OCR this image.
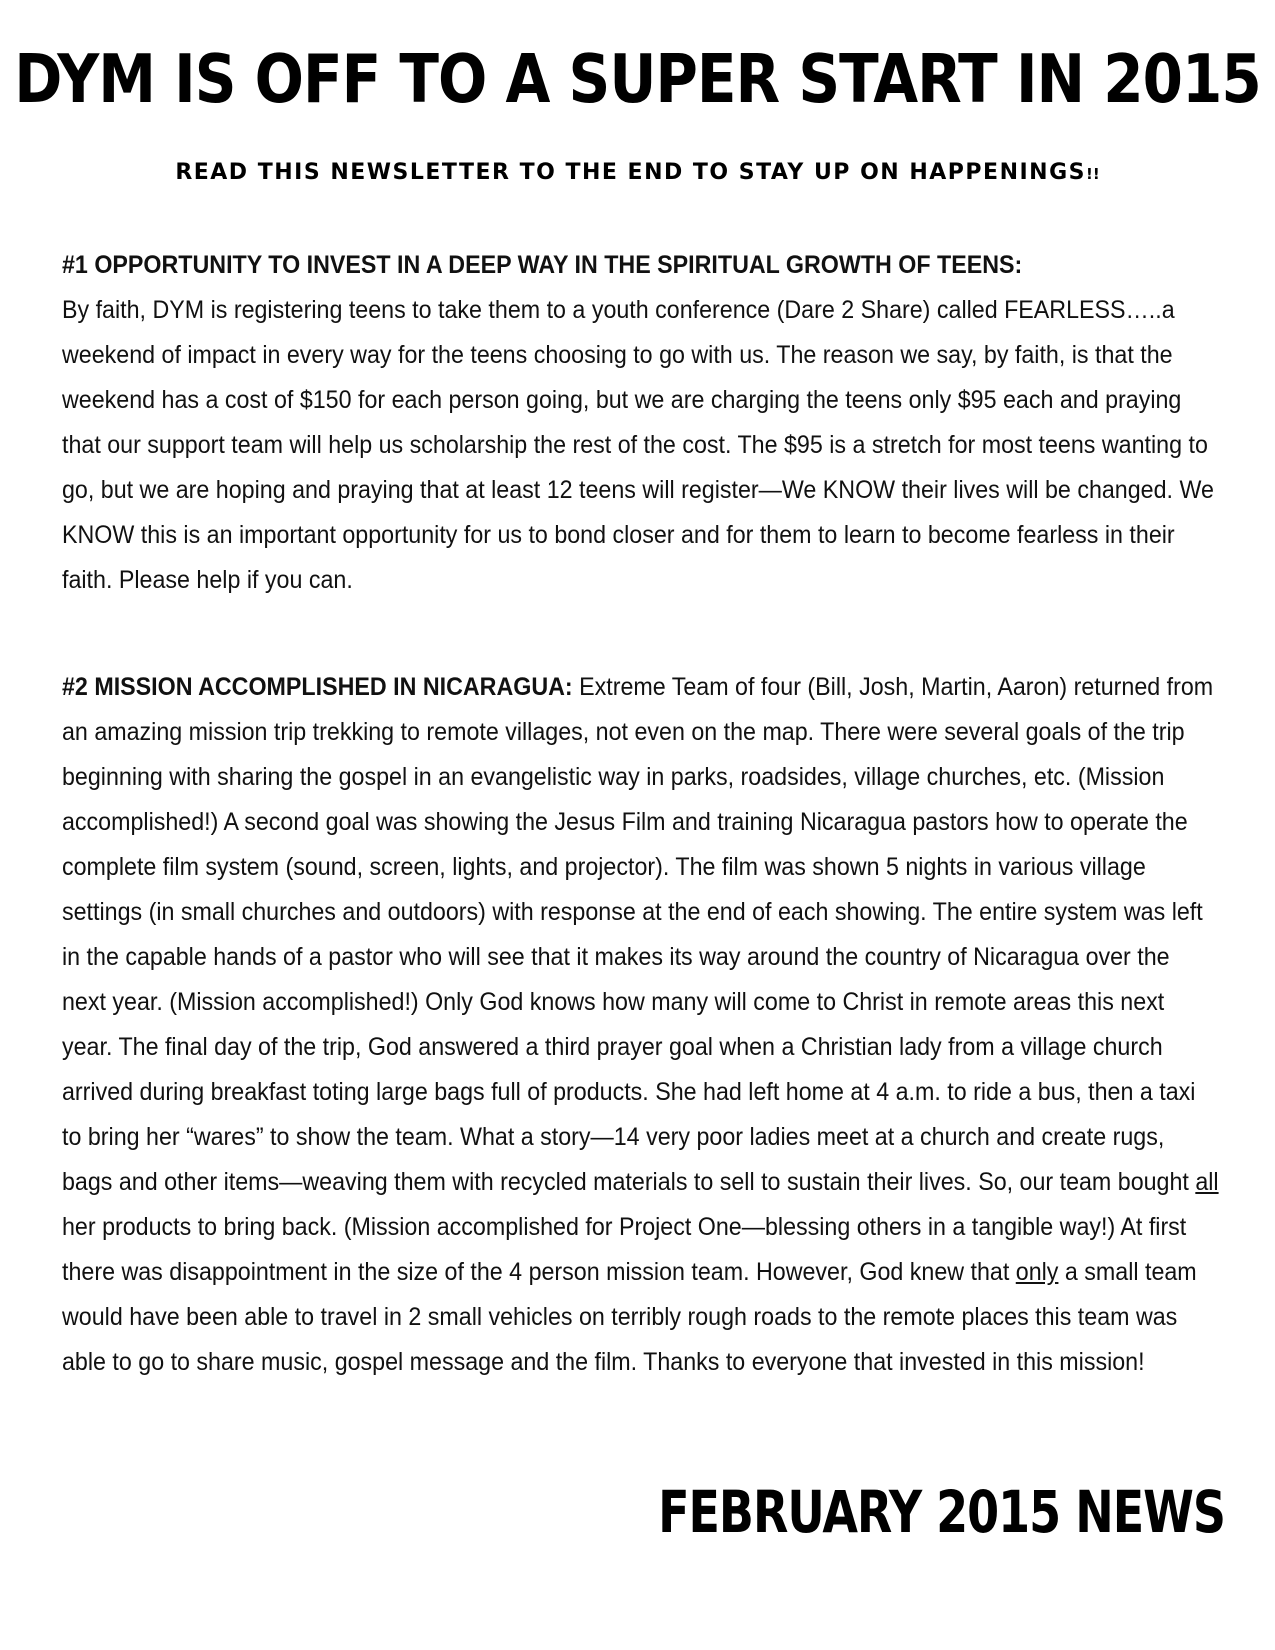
DYM IS OFF TO A SUPER START IN 2015
READ THIS NEWSLETTER TO THE END TO STAY UP ON HAPPENINGS!!

#1 OPPORTUNITY TO INVEST IN A DEEP WAY IN THE SPIRITUAL GROWTH OF TEENS:
By faith, DYM is registering teens to take them to a youth conference (Dare 2 Share) called FEARLESS…..a weekend of impact in every way for the teens choosing to go with us. The reason we say, by faith, is that the weekend has a cost of $150 for each person going, but we are charging the teens only $95 each and praying that our support team will help us scholarship the rest of the cost. The $95 is a stretch for most teens wanting to go, but we are hoping and praying that at least 12 teens will register—We KNOW their lives will be changed. We KNOW this is an important opportunity for us to bond closer and for them to learn to become fearless in their faith. Please help if you can.

#2 MISSION ACCOMPLISHED IN NICARAGUA: Extreme Team of four (Bill, Josh, Martin, Aaron) returned from an amazing mission trip trekking to remote villages, not even on the map. There were several goals of the trip beginning with sharing the gospel in an evangelistic way in parks, roadsides, village churches, etc. (Mission accomplished!) A second goal was showing the Jesus Film and training Nicaragua pastors how to operate the complete film system (sound, screen, lights, and projector). The film was shown 5 nights in various village settings (in small churches and outdoors) with response at the end of each showing. The entire system was left in the capable hands of a pastor who will see that it makes its way around the country of Nicaragua over the next year. (Mission accomplished!) Only God knows how many will come to Christ in remote areas this next year. The final day of the trip, God answered a third prayer goal when a Christian lady from a village church arrived during breakfast toting large bags full of products. She had left home at 4 a.m. to ride a bus, then a taxi to bring her “wares” to show the team. What a story—14 very poor ladies meet at a church and create rugs, bags and other items—weaving them with recycled materials to sell to sustain their lives. So, our team bought all her products to bring back. (Mission accomplished for Project One—blessing others in a tangible way!) At first there was disappointment in the size of the 4 person mission team. However, God knew that only a small team would have been able to travel in 2 small vehicles on terribly rough roads to the remote places this team was able to go to share music, gospel message and the film. Thanks to everyone that invested in this mission!

FEBRUARY 2015 NEWS
